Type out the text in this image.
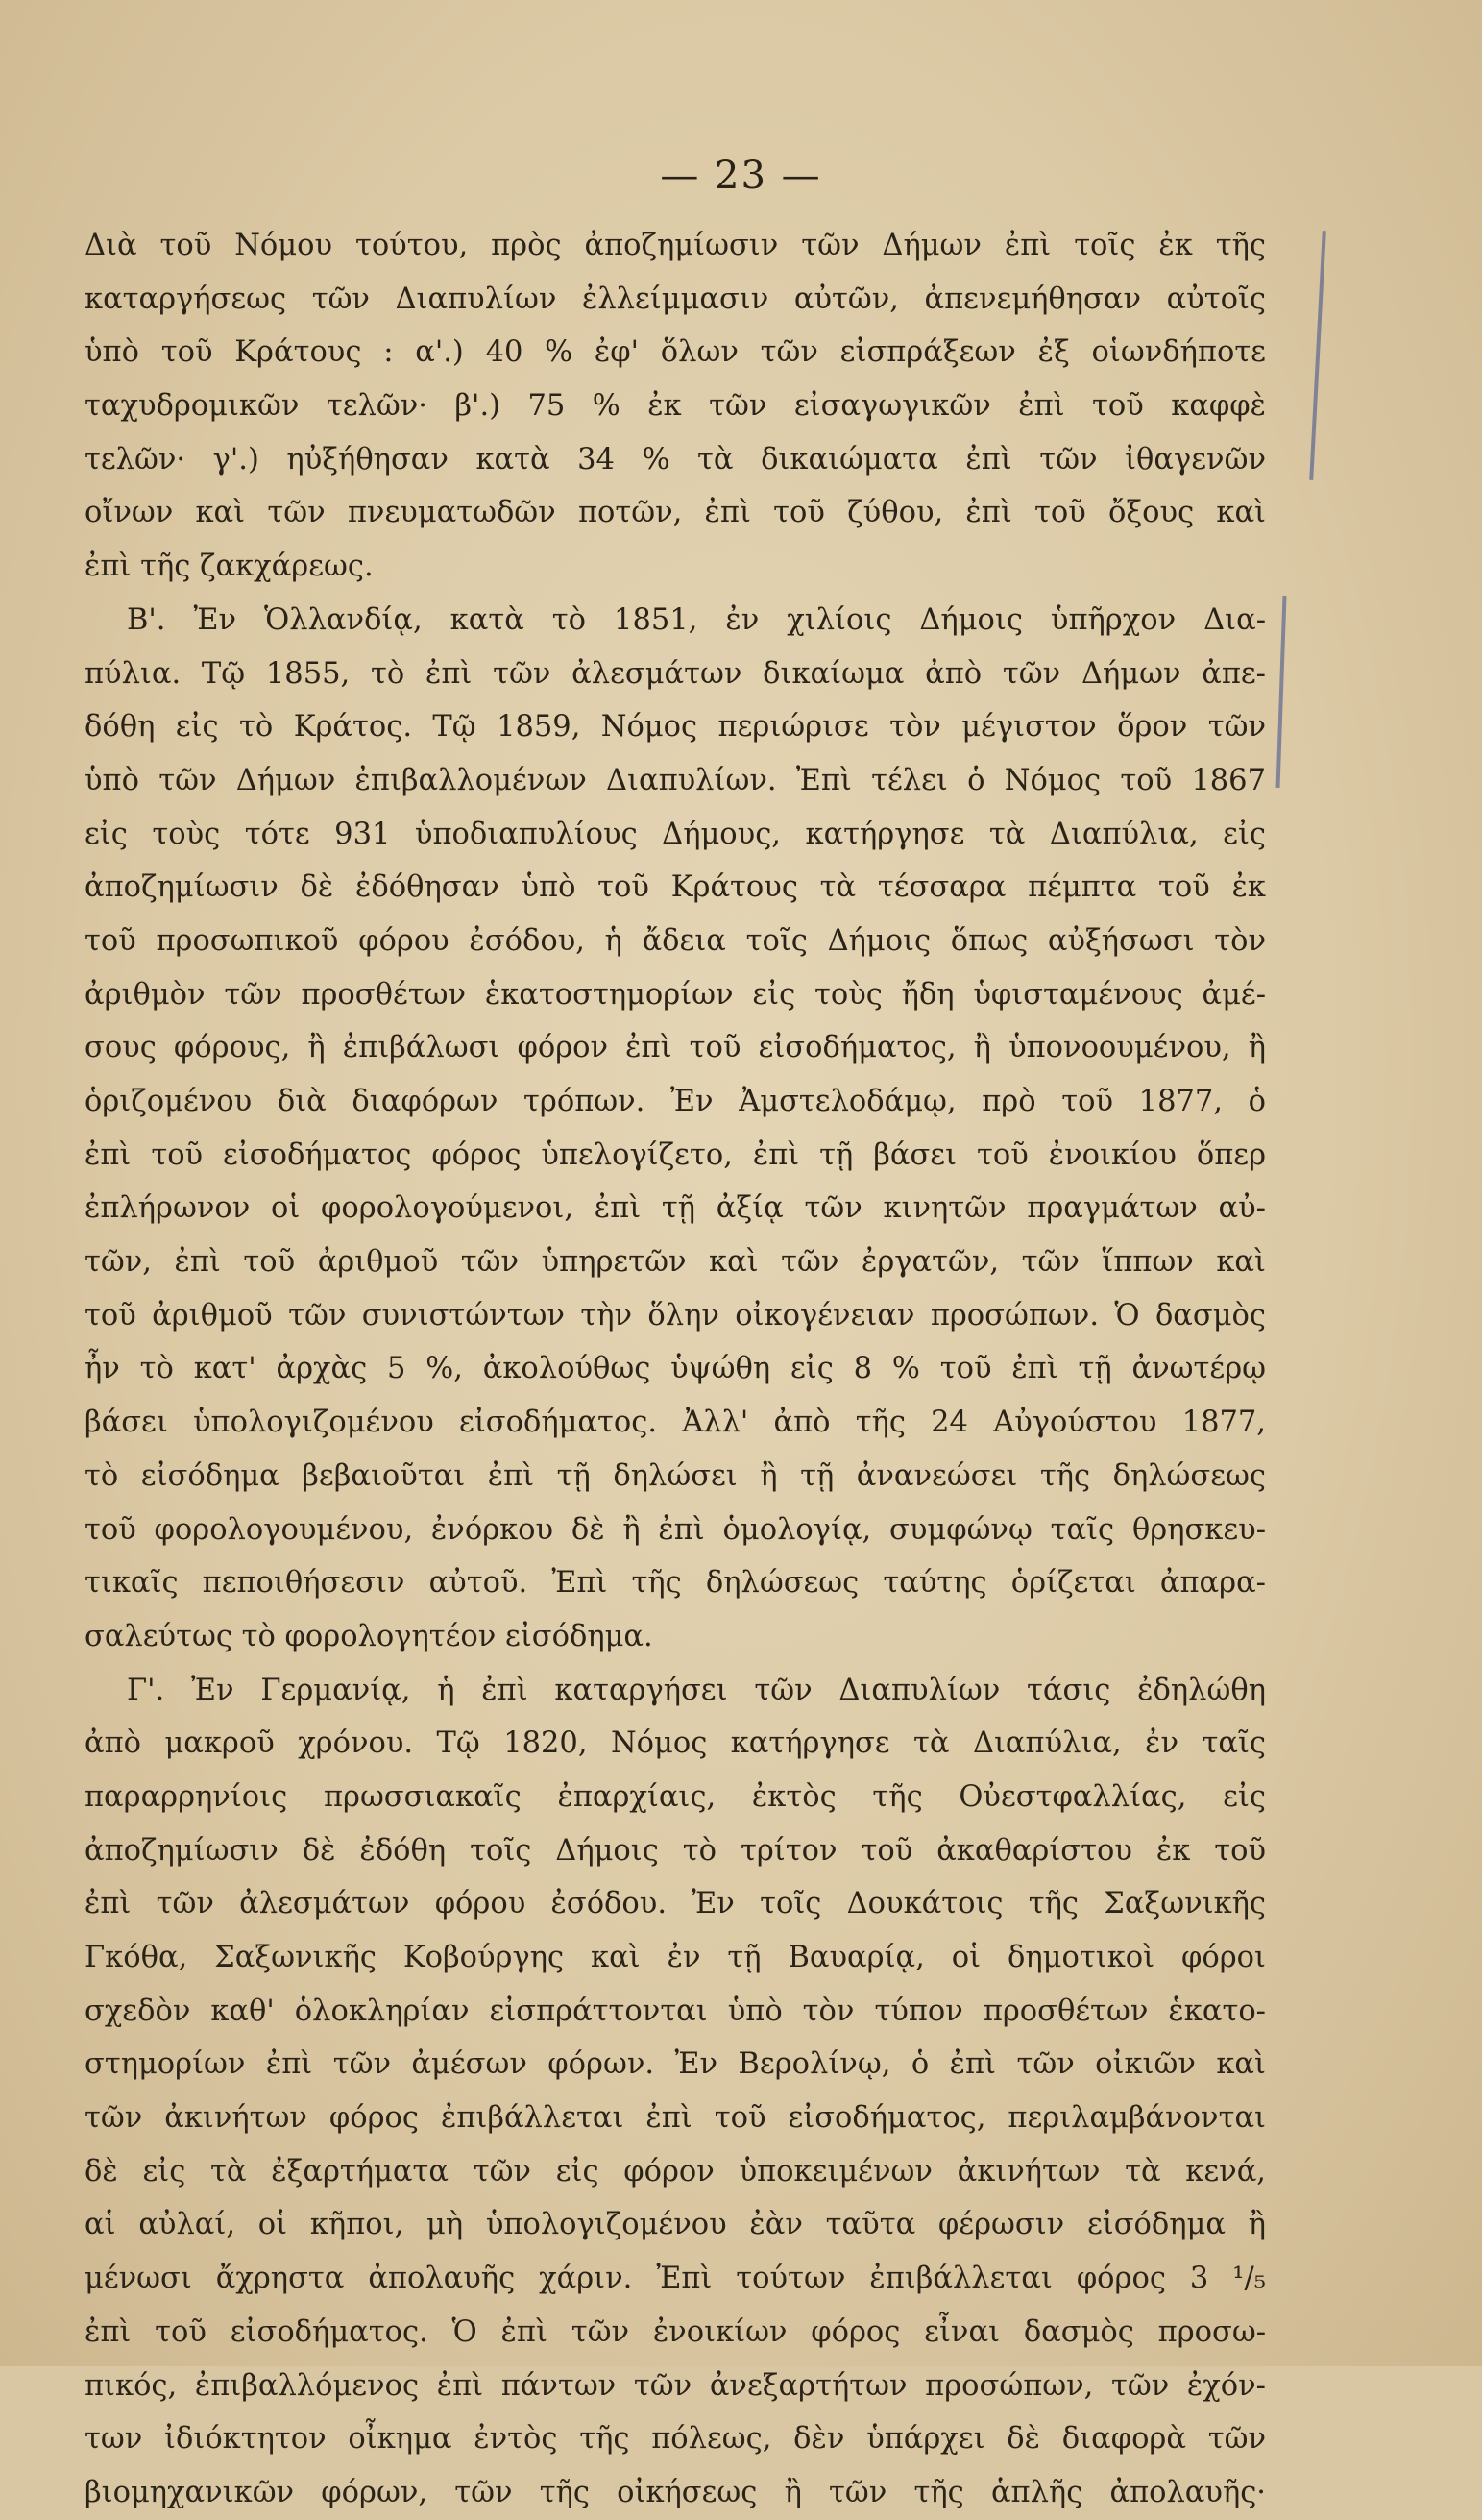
— 23 —
Διὰ τοῦ Νόμου τούτου, πρὸς ἀποζημίωσιν τῶν Δήμων ἐπὶ τοῖς ἐκ τῆς
καταργήσεως τῶν Διαπυλίων ἐλλείμμασιν αὐτῶν, ἀπενεμήθησαν αὐτοῖς
ὑπὸ τοῦ Κράτους : α'.) 40 % ἐφ' ὅλων τῶν εἰσπράξεων ἐξ οἱωνδήποτε
ταχυδρομικῶν τελῶν· β'.) 75 % ἐκ τῶν εἰσαγωγικῶν ἐπὶ τοῦ καφφὲ
τελῶν· γ'.) ηὐξήθησαν κατὰ 34 % τὰ δικαιώματα ἐπὶ τῶν ἰθαγενῶν
οἴνων καὶ τῶν πνευματωδῶν ποτῶν, ἐπὶ τοῦ ζύθου, ἐπὶ τοῦ ὄξους καὶ
ἐπὶ τῆς ζακχάρεως.
Β'. Ἐν Ὁλλανδίᾳ, κατὰ τὸ 1851, ἐν χιλίοις Δήμοις ὑπῆρχον Δια-
πύλια. Τῷ 1855, τὸ ἐπὶ τῶν ἀλεσμάτων δικαίωμα ἀπὸ τῶν Δήμων ἀπε-
δόθη εἰς τὸ Κράτος. Τῷ 1859, Νόμος περιώρισε τὸν μέγιστον ὅρον τῶν
ὑπὸ τῶν Δήμων ἐπιβαλλομένων Διαπυλίων. Ἐπὶ τέλει ὁ Νόμος τοῦ 1867
εἰς τοὺς τότε 931 ὑποδιαπυλίους Δήμους, κατήργησε τὰ Διαπύλια, εἰς
ἀποζημίωσιν δὲ ἐδόθησαν ὑπὸ τοῦ Κράτους τὰ τέσσαρα πέμπτα τοῦ ἐκ
τοῦ προσωπικοῦ φόρου ἐσόδου, ἡ ἄδεια τοῖς Δήμοις ὅπως αὐξήσωσι τὸν
ἀριθμὸν τῶν προσθέτων ἑκατοστημορίων εἰς τοὺς ἤδη ὑφισταμένους ἀμέ-
σους φόρους, ἢ ἐπιβάλωσι φόρον ἐπὶ τοῦ εἰσοδήματος, ἢ ὑπονοουμένου, ἢ
ὁριζομένου διὰ διαφόρων τρόπων. Ἐν Ἀμστελοδάμῳ, πρὸ τοῦ 1877, ὁ
ἐπὶ τοῦ εἰσοδήματος φόρος ὑπελογίζετο, ἐπὶ τῇ βάσει τοῦ ἐνοικίου ὅπερ
ἐπλήρωνον οἱ φορολογούμενοι, ἐπὶ τῇ ἀξίᾳ τῶν κινητῶν πραγμάτων αὐ-
τῶν, ἐπὶ τοῦ ἀριθμοῦ τῶν ὑπηρετῶν καὶ τῶν ἐργατῶν, τῶν ἵππων καὶ
τοῦ ἀριθμοῦ τῶν συνιστώντων τὴν ὅλην οἰκογένειαν προσώπων. Ὁ δασμὸς
ἦν τὸ κατ' ἀρχὰς 5 %, ἀκολούθως ὑψώθη εἰς 8 % τοῦ ἐπὶ τῇ ἀνωτέρῳ
βάσει ὑπολογιζομένου εἰσοδήματος. Ἀλλ' ἀπὸ τῆς 24 Αὐγούστου 1877,
τὸ εἰσόδημα βεβαιοῦται ἐπὶ τῇ δηλώσει ἢ τῇ ἀνανεώσει τῆς δηλώσεως
τοῦ φορολογουμένου, ἐνόρκου δὲ ἢ ἐπὶ ὁμολογίᾳ, συμφώνῳ ταῖς θρησκευ-
τικαῖς πεποιθήσεσιν αὐτοῦ. Ἐπὶ τῆς δηλώσεως ταύτης ὁρίζεται ἀπαρα-
σαλεύτως τὸ φορολογητέον εἰσόδημα.
Γ'. Ἐν Γερμανίᾳ, ἡ ἐπὶ καταργήσει τῶν Διαπυλίων τάσις ἐδηλώθη
ἀπὸ μακροῦ χρόνου. Τῷ 1820, Νόμος κατήργησε τὰ Διαπύλια, ἐν ταῖς
παραρρηνίοις πρωσσιακαῖς ἐπαρχίαις, ἐκτὸς τῆς Οὐεστφαλλίας, εἰς
ἀποζημίωσιν δὲ ἐδόθη τοῖς Δήμοις τὸ τρίτον τοῦ ἀκαθαρίστου ἐκ τοῦ
ἐπὶ τῶν ἀλεσμάτων φόρου ἐσόδου. Ἐν τοῖς Δουκάτοις τῆς Σαξωνικῆς
Γκόθα, Σαξωνικῆς Κοβούργης καὶ ἐν τῇ Βαυαρίᾳ, οἱ δημοτικοὶ φόροι
σχεδὸν καθ' ὁλοκληρίαν εἰσπράττονται ὑπὸ τὸν τύπον προσθέτων ἑκατο-
στημορίων ἐπὶ τῶν ἀμέσων φόρων. Ἐν Βερολίνῳ, ὁ ἐπὶ τῶν οἰκιῶν καὶ
τῶν ἀκινήτων φόρος ἐπιβάλλεται ἐπὶ τοῦ εἰσοδήματος, περιλαμβάνονται
δὲ εἰς τὰ ἐξαρτήματα τῶν εἰς φόρον ὑποκειμένων ἀκινήτων τὰ κενά,
αἱ αὐλαί, οἱ κῆποι, μὴ ὑπολογιζομένου ἐὰν ταῦτα φέρωσιν εἰσόδημα ἢ
μένωσι ἄχρηστα ἀπολαυῆς χάριν. Ἐπὶ τούτων ἐπιβάλλεται φόρος 3 ¹/₅
ἐπὶ τοῦ εἰσοδήματος. Ὁ ἐπὶ τῶν ἐνοικίων φόρος εἶναι δασμὸς προσω-
πικός, ἐπιβαλλόμενος ἐπὶ πάντων τῶν ἀνεξαρτήτων προσώπων, τῶν ἐχόν-
των ἰδιόκτητον οἶκημα ἐντὸς τῆς πόλεως, δὲν ὑπάρχει δὲ διαφορὰ τῶν
βιομηχανικῶν φόρων, τῶν τῆς οἰκήσεως ἢ τῶν τῆς ἁπλῆς ἀπολαυῆς·
